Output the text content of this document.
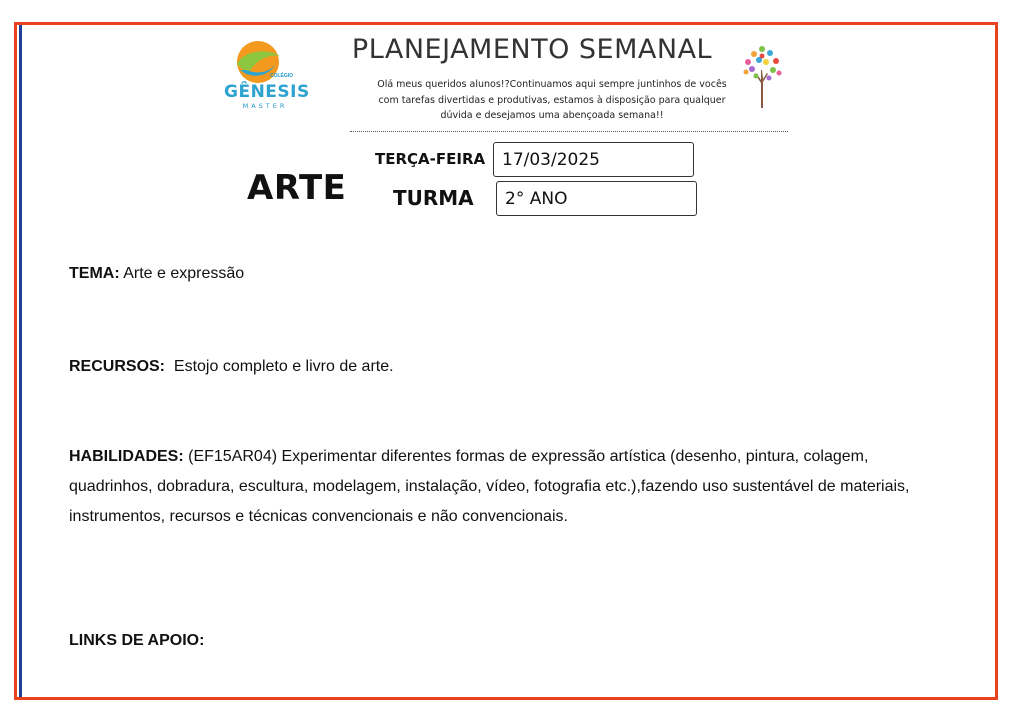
COLÉGIO
GÊNESIS
MASTER
PLANEJAMENTO SEMANAL
Olá meus queridos alunos!?Continuamos aqui sempre juntinhos de vocês com tarefas divertidas e produtivas, estamos à disposição para qualquer dúvida e desejamos uma abençoada semana!!
ARTE
TERÇA-FEIRA 17/03/2025
TURMA 2° ANO
TEMA: Arte e expressão
RECURSOS: Estojo completo e livro de arte.
HABILIDADES: (EF15AR04) Experimentar diferentes formas de expressão artística (desenho, pintura, colagem, quadrinhos, dobradura, escultura, modelagem, instalação, vídeo, fotografia etc.),fazendo uso sustentável de materiais, instrumentos, recursos e técnicas convencionais e não convencionais.
LINKS DE APOIO:
